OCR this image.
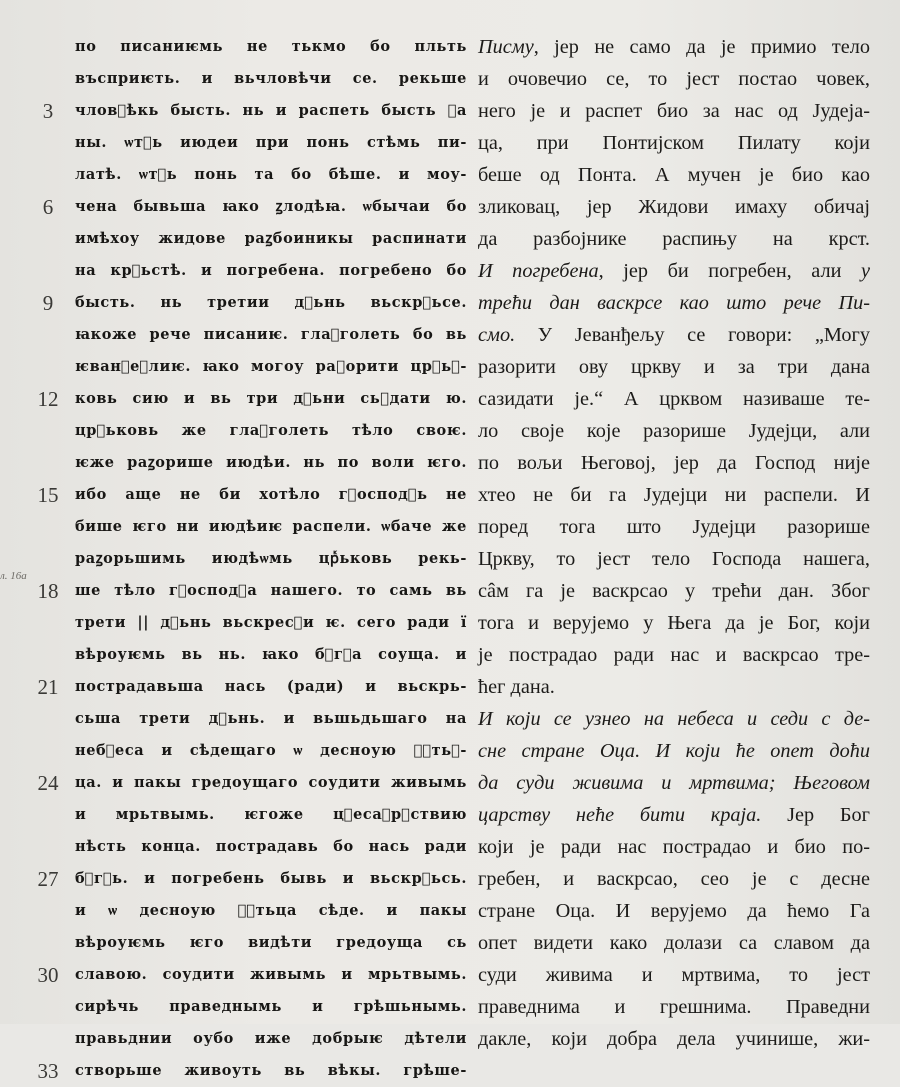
3
6
9
12
15
18
21
24
27
30
33
л. 16а
по писаниѥмь не тькмо бо пльть
въсприѥть. и вьчловѣчи се. рекьше
чловⷮѣкь бысть. нь и распеть бысть ꙁа
ны. ѡтⷮь июдеи при понь стѣмь пи-
латѣ. ѡтⷮь понь та бо бѣше. и моу-
чена бывьша ꙗко ꙁлодѣꙗ. ѡбычаи бо
имѣхоу жидове раꙁбоиникы распинати
на крⷮьстѣ. и погребена. погребено бо
бысть. нь третии дⷮьнь вьскрⷮьсе.
ꙗкоже рече писаниѥ. глаⷭголеть бо вь
ѥванⷢеⷧлиѥ. ꙗко могоу раꙁорити црⷦьⷦ-
ковь сию и вь три дⷮьни сьꙁдати ю.
црⷦьковь же глаⷢголеть тѣло своѥ.
ѥже раꙁорише июдѣи. нь по воли ѥго.
ибо аще не би хотѣло гⷭосподⷭь не
бише ѥго ни июдѣиѥ распели. ѡбаче же
раꙁорьшимь июдѣѡмь црⷦьковь рекь-
ше тѣло гⷭосподⷭа нашего. то самь вь
трети || дⷮьнь вьскресⷭи ѥ. сего ради ї
вѣроуѥмь вь нь. ꙗко бⷪгⷪа соуща. и
пострадавьша нась (ради) и вьскрь-
сьша трети дⷮьнь. и вьшьдьшаго на
небⷷеса и сѣдещаго ѡ десноую ѡⷮтьⷦ-
ца. и пакы гредоущаго соудити живымь
и мрьтвымь. ѥгоже цⷭесаⷭрⷭствию
нѣсть конца. пострадавь бо нась ради
бⷪгⷪь. и погребень бывь и вьскрⷮьсь.
и ѡ десноую ѡⷮтьца сѣде. и пакы
вѣроуѥмь ѥго видѣти гредоуща сь
славою. соудити живымь и мрьтвымь.
сирѣчь праведнымь и грѣшьнымь.
правьднии оубо иже добрыѥ дѣтели
створьше живоуть вь вѣкы. грѣше-
Писму, јер не само да је примио тело
и очовечио се, то јест постао човек,
него је и распет био за нас од Јудеја-
ца, при Понтијском Пилату који
беше од Понта. А мучен је био као
зликовац, јер Жидови имаху обичај
да разбојнике распињу на крст.
И погребена, јер би погребен, али у
трећи дан васкрсе као што рече Пи-
смо. У Јеванђељу се говори: „Могу
разорити ову цркву и за три дана
сазидати је.“ А црквом називаше те-
ло своје које разорише Јудејци, али
по вољи Његовој, јер да Господ није
хтео не би га Јудејци ни распели. И
поред тога што Јудејци разорише
Цркву, то јест тело Господа нашега,
сâм га је васкрсао у трећи дан. Због
тога и верујемо у Њега да је Бог, који
је пострадао ради нас и васкрсао тре-
ћег дана.
И који се узнео на небеса и седи с де-
сне стране Оца. И који ће опет доћи
да суди живима и мртвима; Његовом
царству неће бити краја. Јер Бог
који је ради нас пострадао и био по-
гребен, и васкрсао, сео је с десне
стране Оца. И верујемо да ћемо Га
опет видети како долази са славом да
суди живима и мртвима, то јест
праведнима и грешнима. Праведни
дакле, који добра дела учинише, жи-
